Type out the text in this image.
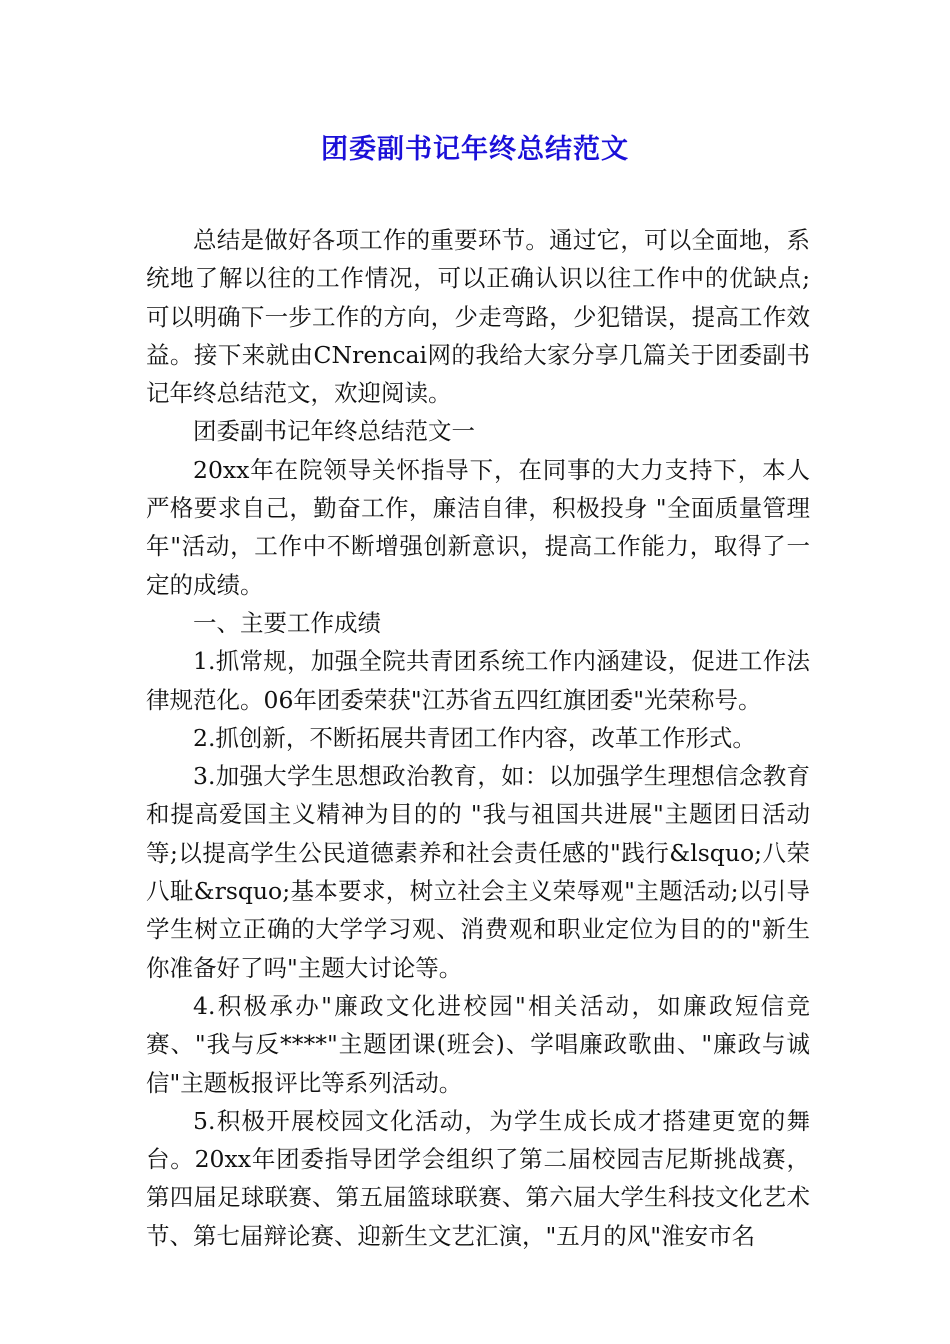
团委副书记年终总结范文

总结是做好各项工作的重要环节。通过它，可以全面地，系统地了解以往的工作情况，可以正确认识以往工作中的优缺点;可以明确下一步工作的方向，少走弯路，少犯错误，提高工作效益。接下来就由CNrencai网的我给大家分享几篇关于团委副书记年终总结范文，欢迎阅读。

团委副书记年终总结范文一

20xx年在院领导关怀指导下，在同事的大力支持下，本人严格要求自己，勤奋工作，廉洁自律，积极投身 "全面质量管理年"活动，工作中不断增强创新意识，提高工作能力，取得了一定的成绩。

一、主要工作成绩

1.抓常规，加强全院共青团系统工作内涵建设，促进工作法律规范化。06年团委荣获"江苏省五四红旗团委"光荣称号。

2.抓创新，不断拓展共青团工作内容，改革工作形式。

3.加强大学生思想政治教育，如：以加强学生理想信念教育和提高爱国主义精神为目的的 "我与祖国共进展"主题团日活动等;以提高学生公民道德素养和社会责任感的"践行&lsquo;八荣八耻&rsquo;基本要求，树立社会主义荣辱观"主题活动;以引导学生树立正确的大学学习观、消费观和职业定位为目的的"新生你准备好了吗"主题大讨论等。

4.积极承办"廉政文化进校园"相关活动，如廉政短信竞赛、"我与反****"主题团课(班会)、学唱廉政歌曲、"廉政与诚信"主题板报评比等系列活动。

5.积极开展校园文化活动，为学生成长成才搭建更宽的舞台。20xx年团委指导团学会组织了第二届校园吉尼斯挑战赛，第四届足球联赛、第五届篮球联赛、第六届大学生科技文化艺术节、第七届辩论赛、迎新生文艺汇演，"五月的风"淮安市名
